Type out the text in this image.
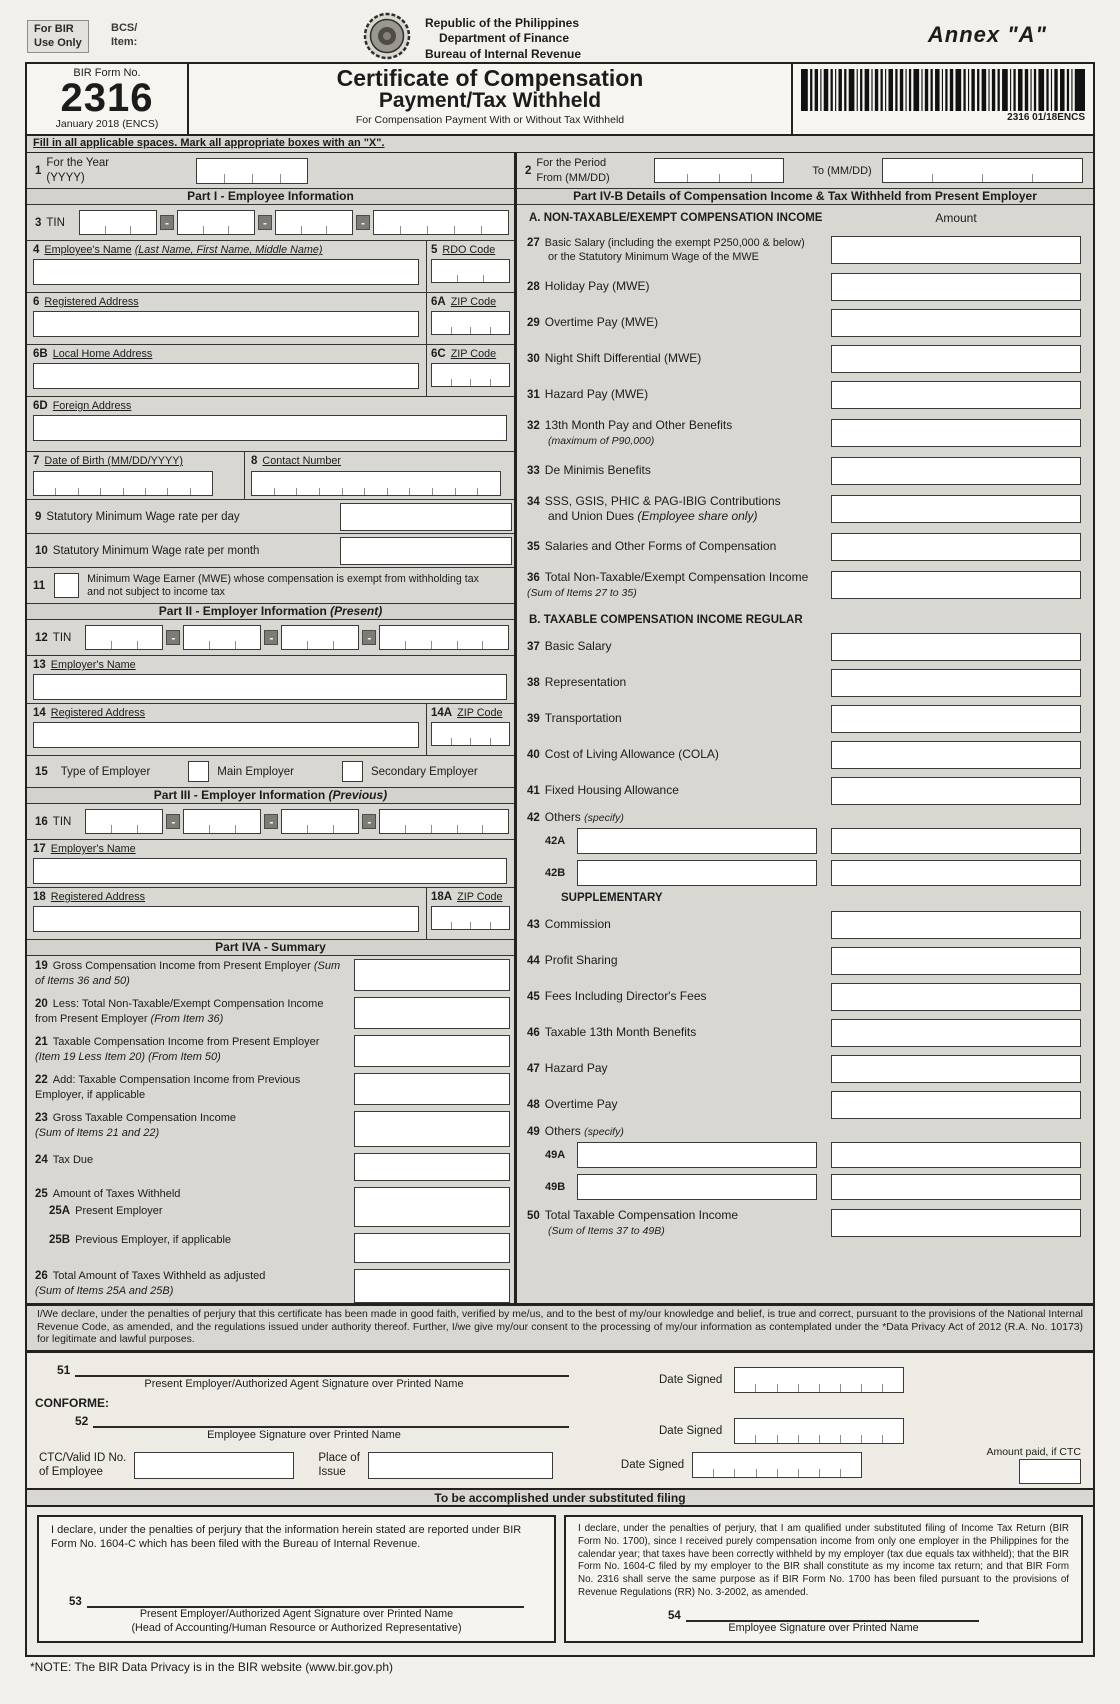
For BIR
Use Only
BCS/
Item:
Republic of the Philippines
Department of Finance
Bureau of Internal Revenue
Annex "A"
BIR Form No.
2316
January 2018 (ENCS)
Certificate of Compensation
Payment/Tax Withheld
For Compensation Payment With or Without Tax Withheld	2316 01/18ENCS
Fill in all applicable spaces. Mark all appropriate boxes with an "X".
1
For the Year
(YYYY)
Part I - Employee Information
3 TIN	-	-	-
4 Employee's Name (Last Name, First Name, Middle Name)	5 RDO Code
6 Registered Address	6A ZIP Code
6B Local Home Address	6C ZIP Code
6D Foreign Address
7 Date of Birth (MM/DD/YYYY)	8 Contact Number
9 Statutory Minimum Wage rate per day
10 Statutory Minimum Wage rate per month
11
Minimum Wage Earner (MWE) whose compensation is exempt from withholding tax and not subject to income tax
Part II - Employer Information (Present)
12 TIN	-	-	-
13 Employer's Name
14 Registered Address	14A ZIP Code
15 Type of Employer	Main Employer	Secondary Employer
Part III - Employer Information (Previous)
16 TIN	-	-	-
17 Employer's Name
18 Registered Address	18A ZIP Code
Part IVA - Summary
19 Gross Compensation Income from Present Employer (Sum of Items 36 and 50)
20 Less: Total Non-Taxable/Exempt Compensation Income from Present Employer (From Item 36)
21 Taxable Compensation Income from Present Employer (Item 19 Less Item 20) (From Item 50)
22 Add: Taxable Compensation Income from Previous Employer, if applicable
23 Gross Taxable Compensation Income
(Sum of Items 21 and 22)
24 Tax Due
25 Amount of Taxes Withheld
25A Present Employer
25B Previous Employer, if applicable
26 Total Amount of Taxes Withheld as adjusted
(Sum of Items 25A and 25B)
2
For the Period
From (MM/DD)
To (MM/DD)
Part IV-B Details of Compensation Income & Tax Withheld from Present Employer
A. NON-TAXABLE/EXEMPT COMPENSATION INCOME	Amount
27 Basic Salary (including the exempt P250,000 & below)
or the Statutory Minimum Wage of the MWE
28 Holiday Pay (MWE)
29 Overtime Pay (MWE)
30 Night Shift Differential (MWE)
31 Hazard Pay (MWE)
32 13th Month Pay and Other Benefits
(maximum of P90,000)
33 De Minimis Benefits
34 SSS, GSIS, PHIC & PAG-IBIG Contributions
and Union Dues (Employee share only)
35 Salaries and Other Forms of Compensation
36 Total Non-Taxable/Exempt Compensation Income (Sum of Items 27 to 35)
B. TAXABLE COMPENSATION INCOME REGULAR
37 Basic Salary
38 Representation
39 Transportation
40 Cost of Living Allowance (COLA)
41 Fixed Housing Allowance
42 Others
(specify)
42A
42B
SUPPLEMENTARY
43 Commission
44 Profit Sharing
45 Fees Including Director's Fees
46 Taxable 13th Month Benefits
47 Hazard Pay
48 Overtime Pay
49 Others
(specify)
49A
49B
50 Total Taxable Compensation Income
(Sum of Items 37 to 49B)
I/We declare, under the penalties of perjury that this certificate has been made in good faith, verified by me/us, and to the best of my/our knowledge and belief, is true and correct, pursuant to the provisions of the National Internal Revenue Code, as amended, and the regulations issued under authority thereof. Further, I/we give my/our consent to the processing of my/our information as contemplated under the *Data Privacy Act of 2012 (R.A. No. 10173) for legitimate and lawful purposes.
51
Present Employer/Authorized Agent Signature over Printed Name	Date Signed
CONFORME:
52
Employee Signature over Printed Name	Date Signed
CTC/Valid ID No.
of Employee
Place of
Issue
Date Signed
Amount paid, if CTC
To be accomplished under substituted filing
I declare, under the penalties of perjury that the information herein stated are reported under BIR Form No. 1604-C which has been filed with the Bureau of Internal Revenue.
53
Present Employer/Authorized Agent Signature over Printed Name
(Head of Accounting/Human Resource or Authorized Representative)
I declare, under the penalties of perjury, that I am qualified under substituted filing of Income Tax Return (BIR Form No. 1700), since I received purely compensation income from only one employer in the Philippines for the calendar year; that taxes have been correctly withheld by my employer (tax due equals tax withheld); that the BIR Form No. 1604-C filed by my employer to the BIR shall constitute as my income tax return; and that BIR Form No. 2316 shall serve the same purpose as if BIR Form No. 1700 has been filed pursuant to the provisions of Revenue Regulations (RR) No. 3-2002, as amended.
54
Employee Signature over Printed Name
*NOTE: The BIR Data Privacy is in the BIR website (www.bir.gov.ph)
